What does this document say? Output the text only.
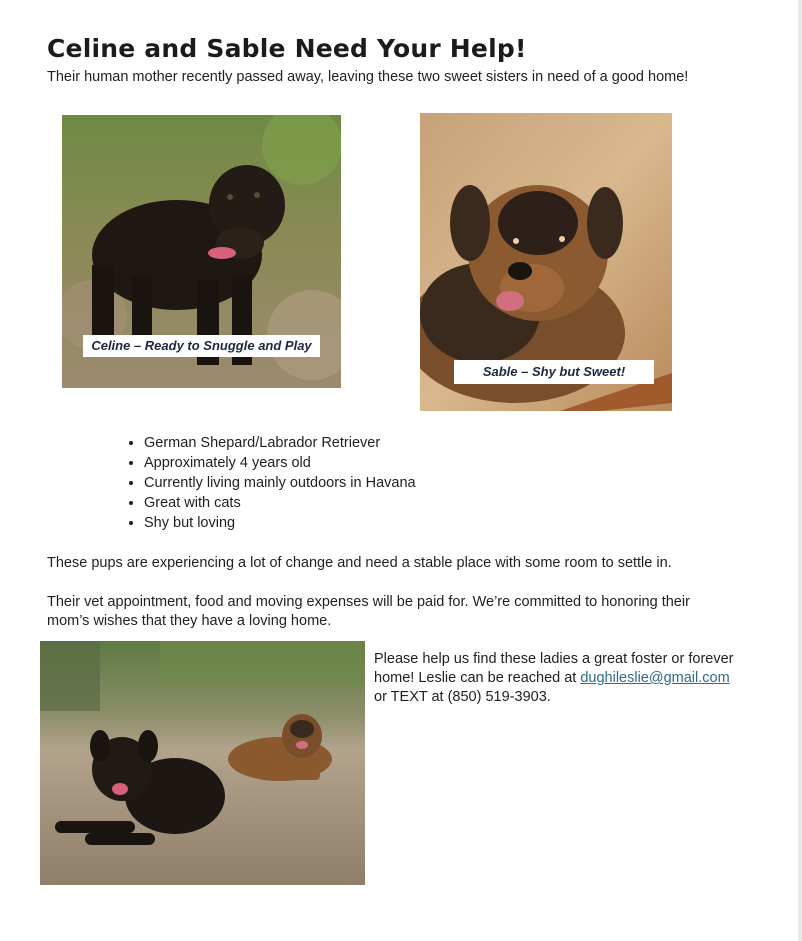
Celine and Sable Need Your Help!

Their human mother recently passed away, leaving these two sweet sisters in need of a good home!

Celine – Ready to Snuggle and Play
Sable – Shy but Sweet!
• German Shepard/Labrador Retriever
• Approximately 4 years old
• Currently living mainly outdoors in Havana
• Great with cats
• Shy but loving

These pups are experiencing a lot of change and need a stable place with some room to settle in.

Their vet appointment, food and moving expenses will be paid for. We’re committed to honoring their
mom’s wishes that they have a loving home.

Please help us find these ladies a great foster or forever
home! Leslie can be reached at dughileslie@gmail.com
or TEXT at (850) 519-3903.
